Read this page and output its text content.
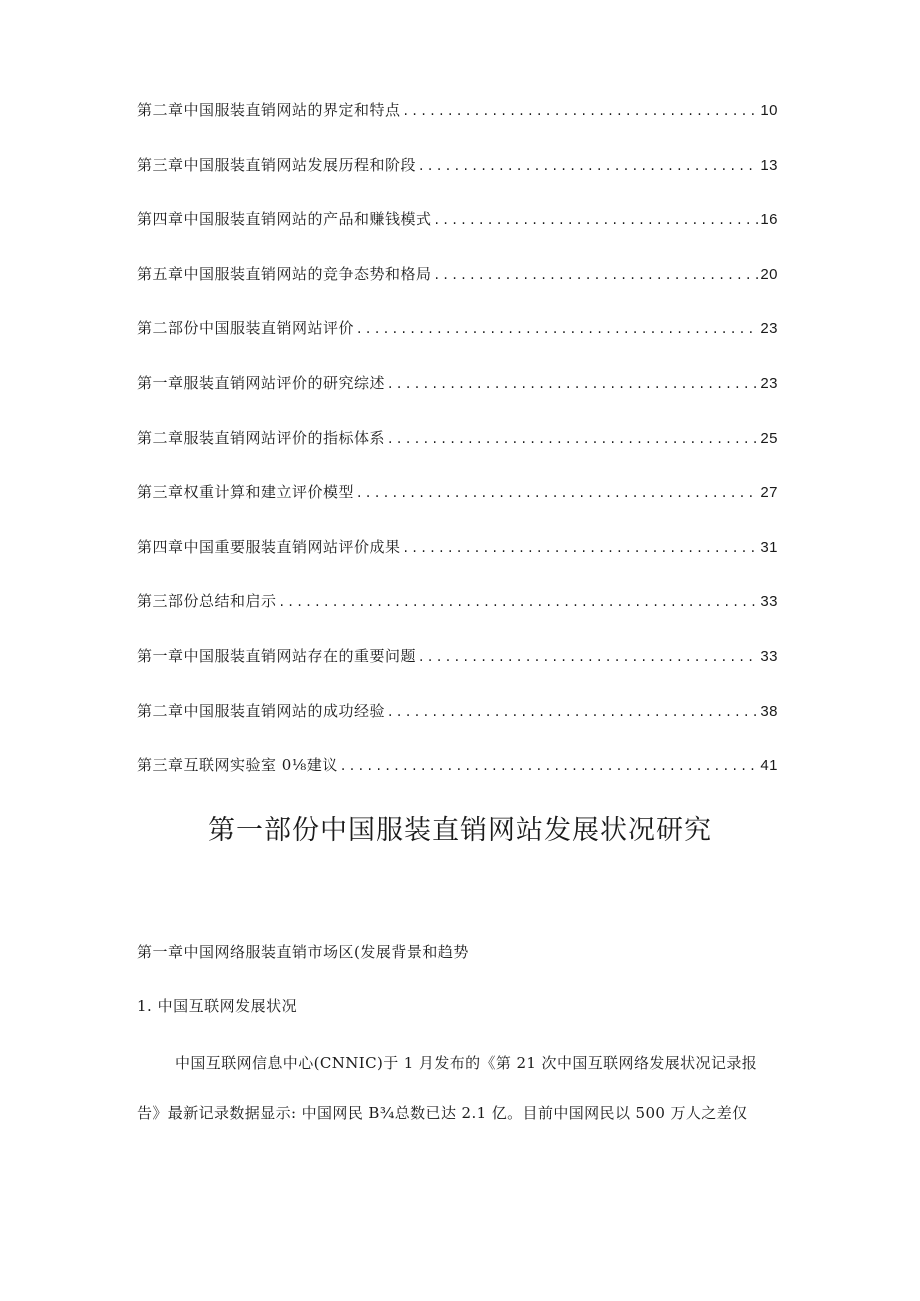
第二章中国服装直销网站的界定和特点 . . .	10
第三章中国服装直销网站发展历程和阶段 . . .	13
第四章中国服装直销网站的产品和赚钱模式 . . .	16
第五章中国服装直销网站的竞争态势和格局 . . .	20
第二部份中国服装直销网站评价 . . .	23
第一章服装直销网站评价的研究综述 . . .	23
第二章服装直销网站评价的指标体系 . . .	25
第三章权重计算和建立评价模型 . . .	27
第四章中国重要服装直销网站评价成果 . . .	31
第三部份总结和启示 . . .	33
第一章中国服装直销网站存在的重要问题 . . .	33
第二章中国服装直销网站的成功经验 . . .	38
第三章互联网实验室 0⅛建议 . . .	41
第一部份中国服装直销网站发展状况研究
第一章中国网络服装直销市场区(发展背景和趋势
1. 中国互联网发展状况
中国互联网信息中心(CNNIC)于 1 月发布的《第 21 次中国互联网络发展状况记录报
告》最新记录数据显示: 中国网民 B¾总数已达 2.1 亿。目前中国网民以 500 万人之差仅
